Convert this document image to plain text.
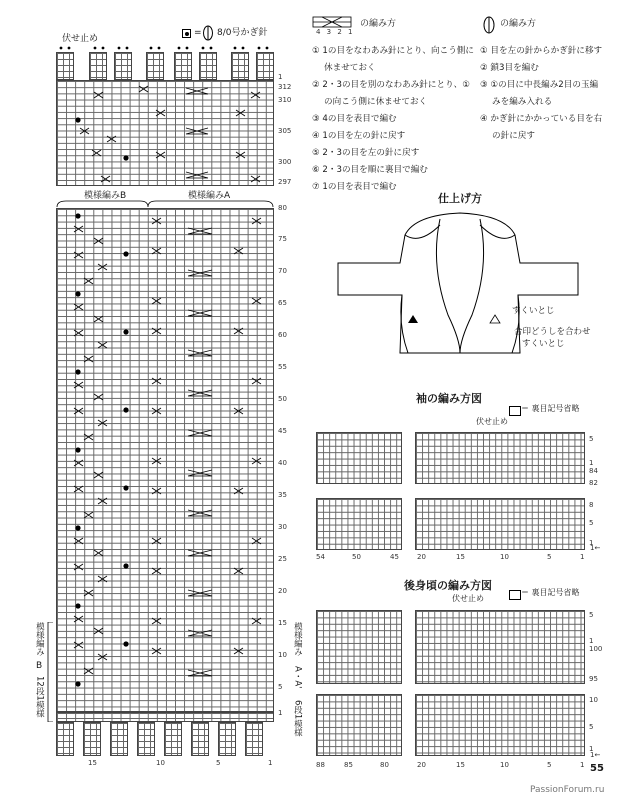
伏せ止め
= 8/0号かぎ針
1
312
310
305
300
297
模様編みB	模様編みA
80
75
70
65
60
55
50
45
40
35
30
25
20
15
10
5
1
模様編み
B
12段1模様
模様編み
A・A'
6段1模様
15	10	5	1
の編み方
4 3 2 1
① 1の目をなわあみ針にとり、向こう側に
休ませておく
② 2・3の目を別のなわあみ針にとり、①
の向こう側に休ませておく
③ 4の目を表目で編む
④ 1の目を左の針に戻す
⑤ 2・3の目を左の針に戻す
⑥ 2・3の目を順に裏目で編む
⑦ 1の目を表目で編む
の編み方
① 目を左の針からかぎ針に移す
② 鎖3目を編む
③ ①の目に中長編み2目の玉編
みを編み入れる
④ かぎ針にかかっている目を右
の針に戻す
仕上げ方
すくいとじ
合印どうしを合わせ
すくいとじ
袖の編み方図
＝ 裏目記号省略
伏せ止め
5
1
84
82
8
5
1
54	50	45	20	15	10	5	1
1←
後身頃の編み方図
＝ 裏目記号省略
伏せ止め
5
1
100
95
10
5
1
88	85	80	20	15	10	5	1
1←
55
PassionForum.ru
